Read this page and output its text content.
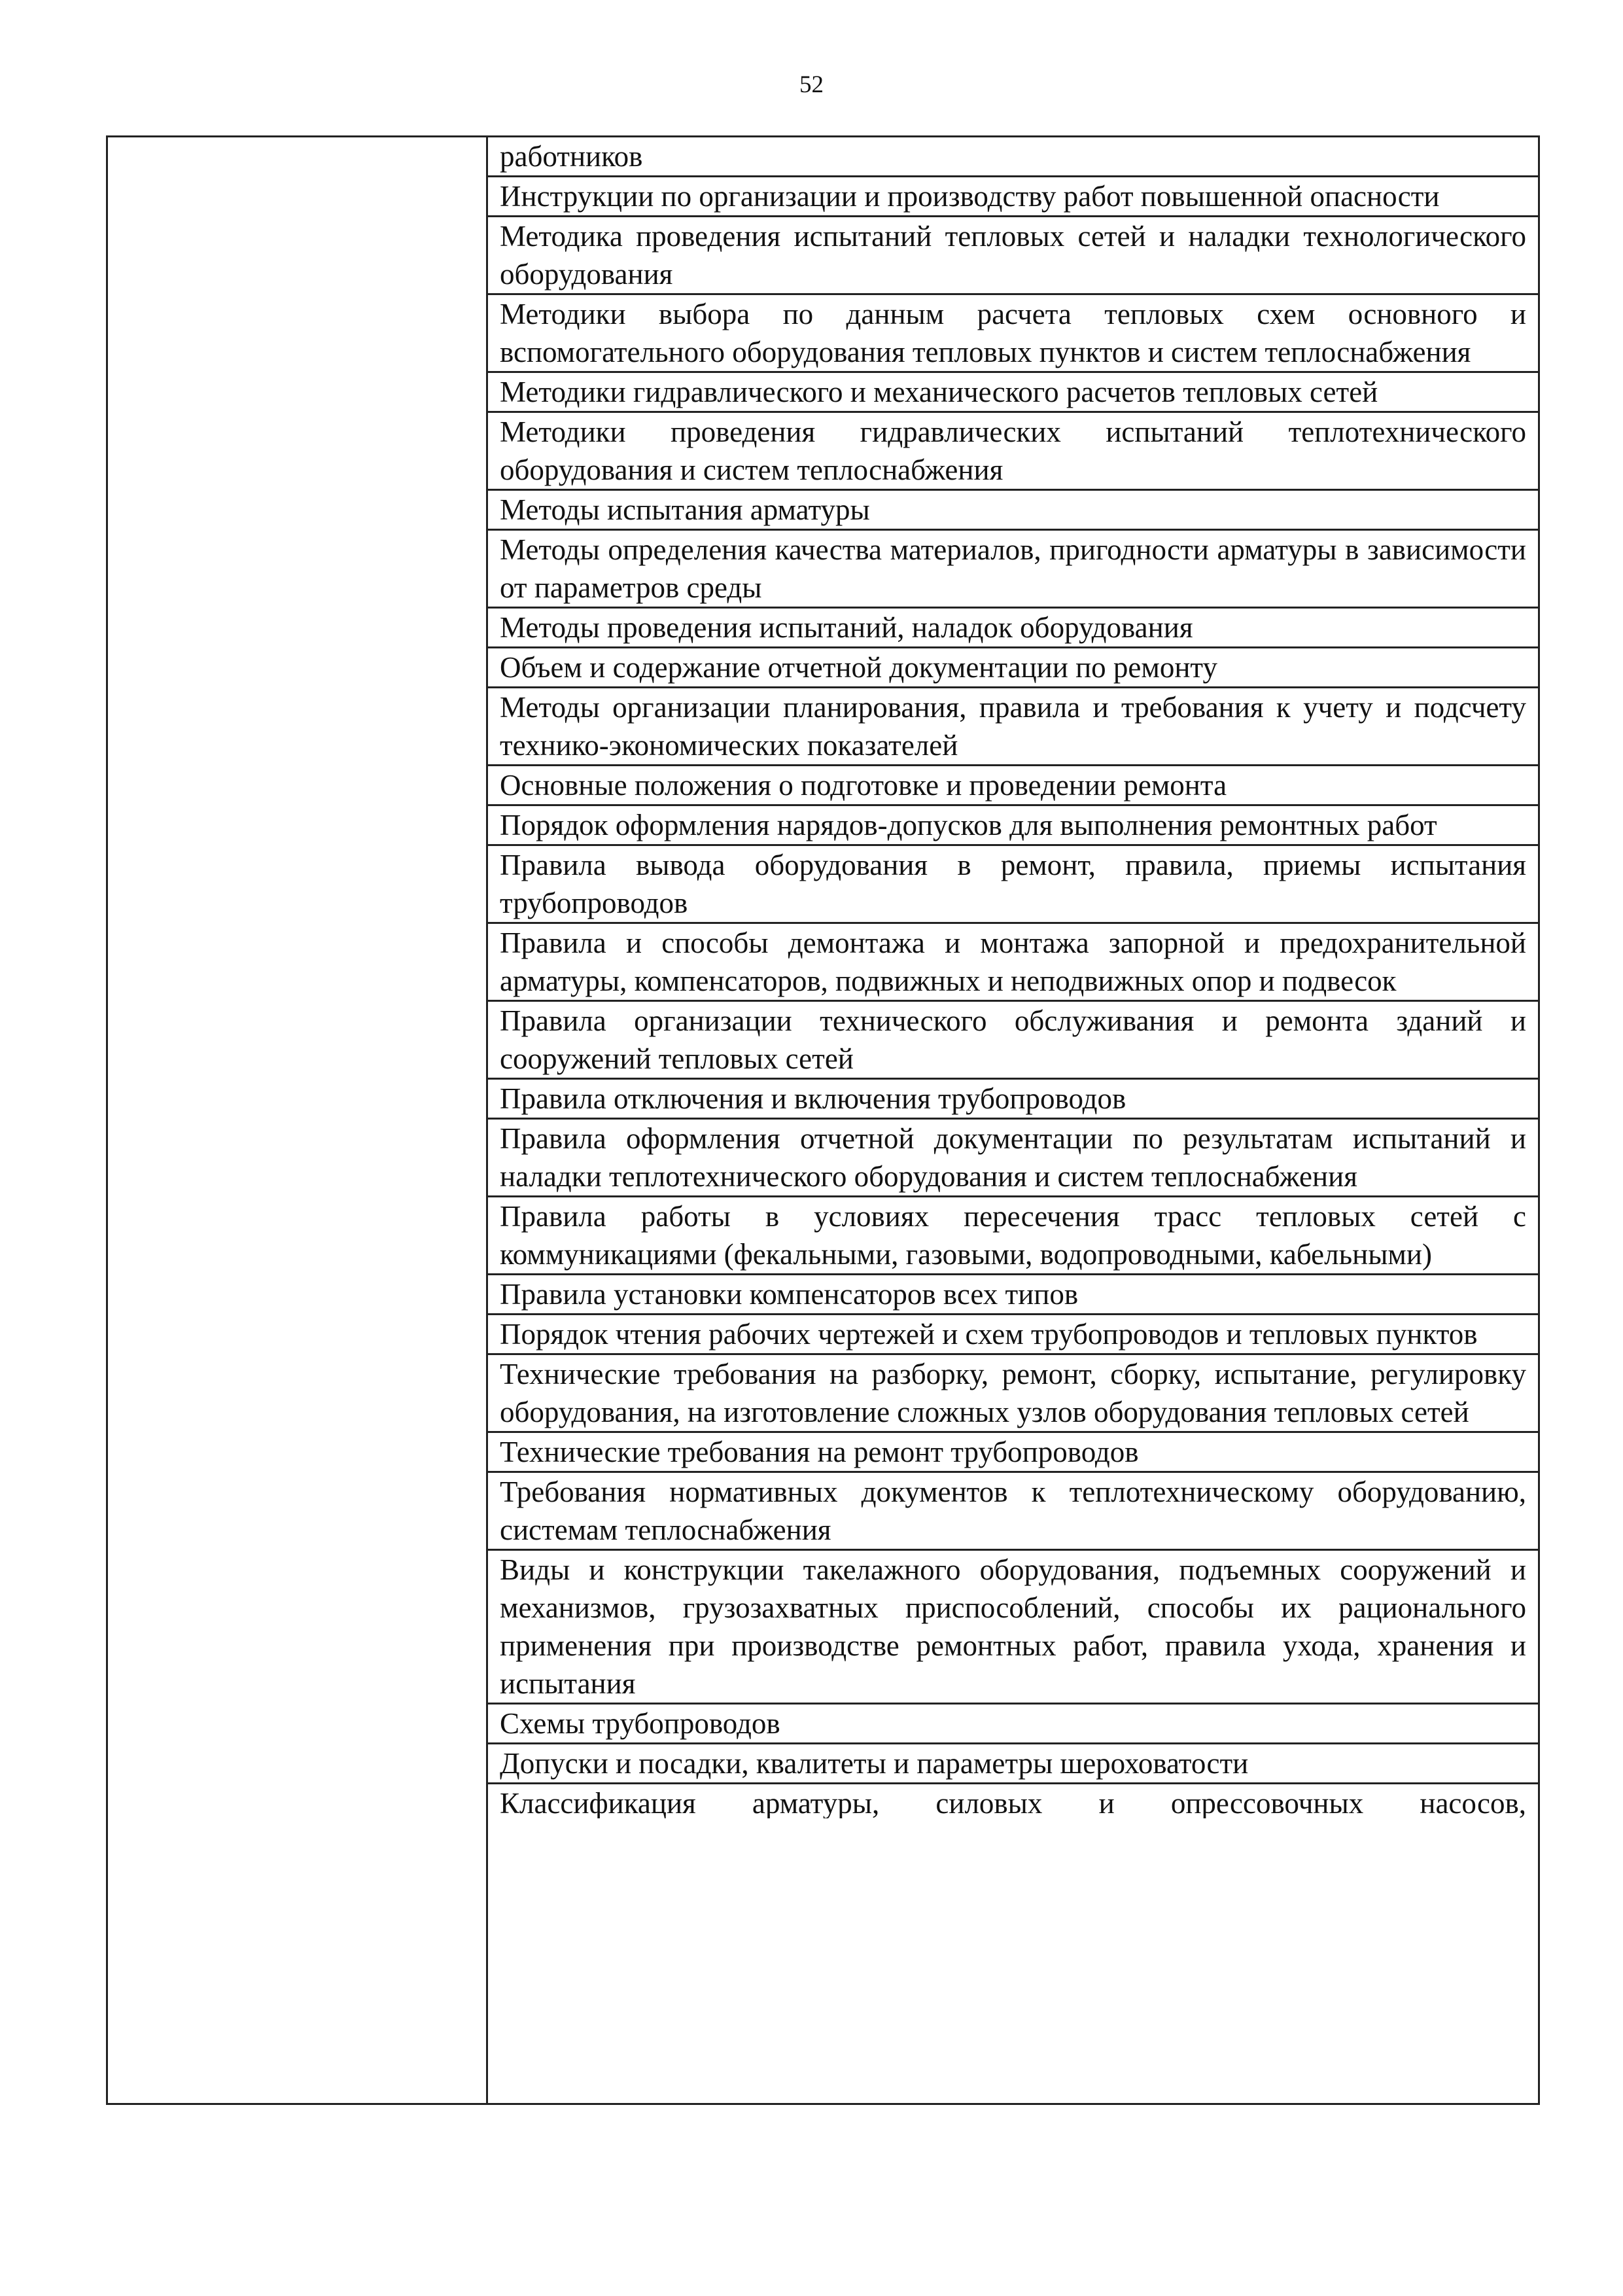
52

работников
Инструкции по организации и производству работ повышенной опасности
Методика проведения испытаний тепловых сетей и наладки технологического оборудования
Методики выбора по данным расчета тепловых схем основного и вспомогательного оборудования тепловых пунктов и систем теплоснабжения
Методики гидравлического и механического расчетов тепловых сетей
Методики проведения гидравлических испытаний теплотехнического оборудования и систем теплоснабжения
Методы испытания арматуры
Методы определения качества материалов, пригодности арматуры в зависимости от параметров среды
Методы проведения испытаний, наладок оборудования
Объем и содержание отчетной документации по ремонту
Методы организации планирования, правила и требования к учету и подсчету технико-экономических показателей
Основные положения о подготовке и проведении ремонта
Порядок оформления нарядов-допусков для выполнения ремонтных работ
Правила вывода оборудования в ремонт, правила, приемы испытания трубопроводов
Правила и способы демонтажа и монтажа запорной и предохранительной арматуры, компенсаторов, подвижных и неподвижных опор и подвесок
Правила организации технического обслуживания и ремонта зданий и сооружений тепловых сетей
Правила отключения и включения трубопроводов
Правила оформления отчетной документации по результатам испытаний и наладки теплотехнического оборудования и систем теплоснабжения
Правила работы в условиях пересечения трасс тепловых сетей с коммуникациями (фекальными, газовыми, водопроводными, кабельными)
Правила установки компенсаторов всех типов
Порядок чтения рабочих чертежей и схем трубопроводов и тепловых пунктов
Технические требования на разборку, ремонт, сборку, испытание, регулировку оборудования, на изготовление сложных узлов оборудования тепловых сетей
Технические требования на ремонт трубопроводов
Требования нормативных документов к теплотехническому оборудованию, системам теплоснабжения
Виды и конструкции такелажного оборудования, подъемных сооружений и механизмов, грузозахватных приспособлений, способы их рационального применения при производстве ремонтных работ, правила ухода, хранения и испытания
Схемы трубопроводов
Допуски и посадки, квалитеты и параметры шероховатости
Классификация арматуры, силовых и опрессовочных насосов,
